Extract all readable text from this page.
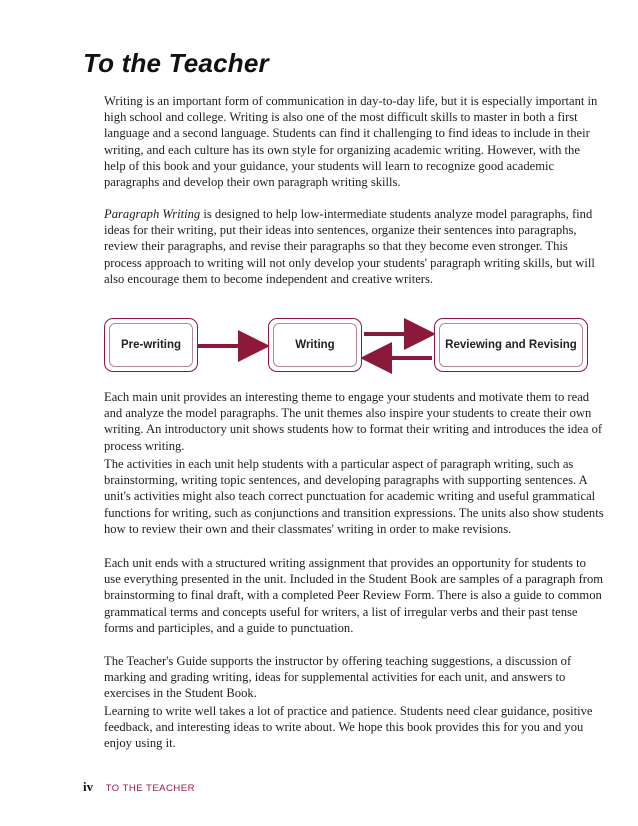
To the Teacher

Writing is an important form of communication in day-to-day life, but it is especially important in high school and college. Writing is also one of the most difficult skills to master in both a first language and a second language. Students can find it challenging to find ideas to include in their writing, and each culture has its own style for organizing academic writing. However, with the help of this book and your guidance, your students will learn to recognize good academic paragraphs and develop their own paragraph writing skills.

Paragraph Writing is designed to help low-intermediate students analyze model paragraphs, find ideas for their writing, put their ideas into sentences, organize their sentences into paragraphs, review their paragraphs, and revise their paragraphs so that they become even stronger. This process approach to writing will not only develop your students' paragraph writing skills, but will also encourage them to become independent and creative writers.

Pre-writing	Writing	Reviewing and Revising

Each main unit provides an interesting theme to engage your students and motivate them to read and analyze the model paragraphs. The unit themes also inspire your students to create their own writing. An introductory unit shows students how to format their writing and introduces the idea of process writing.

The activities in each unit help students with a particular aspect of paragraph writing, such as brainstorming, writing topic sentences, and developing paragraphs with supporting sentences. A unit's activities might also teach correct punctuation for academic writing and useful grammatical functions for writing, such as conjunctions and transition expressions. The units also show students how to review their own and their classmates' writing in order to make revisions.

Each unit ends with a structured writing assignment that provides an opportunity for students to use everything presented in the unit. Included in the Student Book are samples of a paragraph from brainstorming to final draft, with a completed Peer Review Form. There is also a guide to common grammatical terms and concepts useful for writers, a list of irregular verbs and their past tense forms and participles, and a guide to punctuation.

The Teacher's Guide supports the instructor by offering teaching suggestions, a discussion of marking and grading writing, ideas for supplemental activities for each unit, and answers to exercises in the Student Book.

Learning to write well takes a lot of practice and patience. Students need clear guidance, positive feedback, and interesting ideas to write about. We hope this book provides this for you and you enjoy using it.

iv TO THE TEACHER
